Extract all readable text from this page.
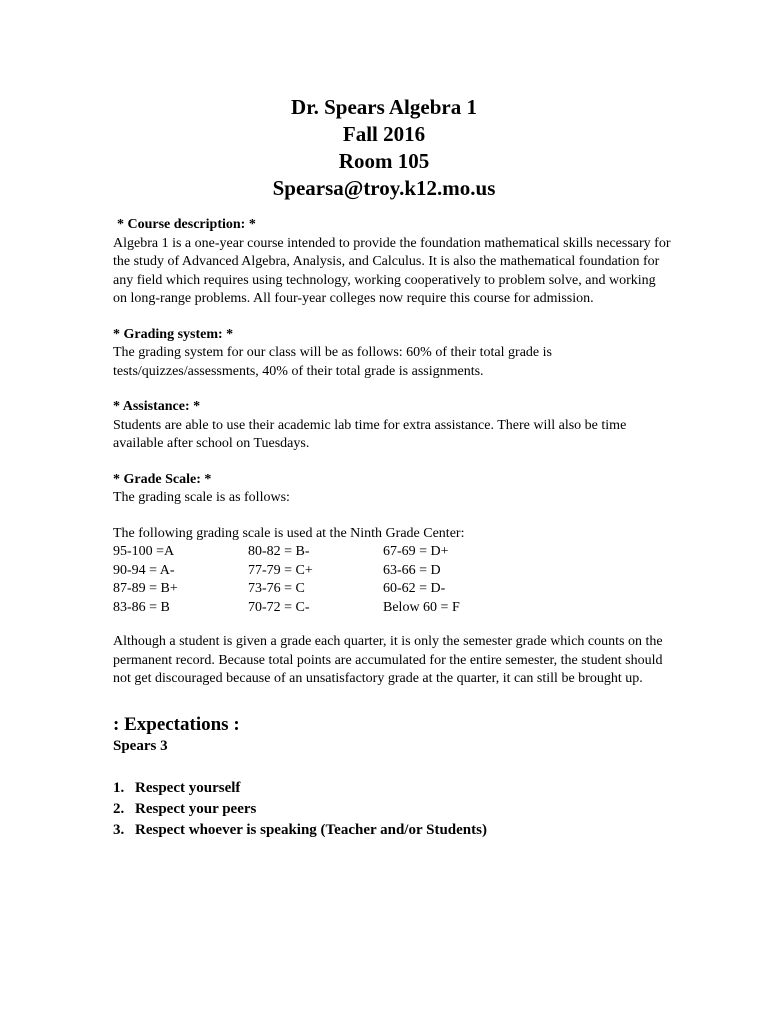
Dr. Spears Algebra 1
Fall 2016
Room 105
Spearsa@troy.k12.mo.us
* Course description: *
Algebra 1 is a one-year course intended to provide the foundation mathematical skills necessary for the study of Advanced Algebra, Analysis, and Calculus. It is also the mathematical foundation for any field which requires using technology, working cooperatively to problem solve, and working on long-range problems. All four-year colleges now require this course for admission.
* Grading system: *
The grading system for our class will be as follows: 60% of their total grade is tests/quizzes/assessments, 40% of their total grade is assignments.
* Assistance: *
Students are able to use their academic lab time for extra assistance. There will also be time available after school on Tuesdays.
* Grade Scale: *
The grading scale is as follows:
The following grading scale is used at the Ninth Grade Center:
95-100 =A	80-82 = B-	67-69 = D+
90-94 = A-	77-79 = C+	63-66 = D
87-89 = B+	73-76 = C	60-62 = D-
83-86 = B	70-72 = C-	Below 60 = F
Although a student is given a grade each quarter, it is only the semester grade which counts on the permanent record. Because total points are accumulated for the entire semester, the student should not get discouraged because of an unsatisfactory grade at the quarter, it can still be brought up.
: Expectations :
Spears 3
1. Respect yourself
2. Respect your peers
3. Respect whoever is speaking (Teacher and/or Students)
